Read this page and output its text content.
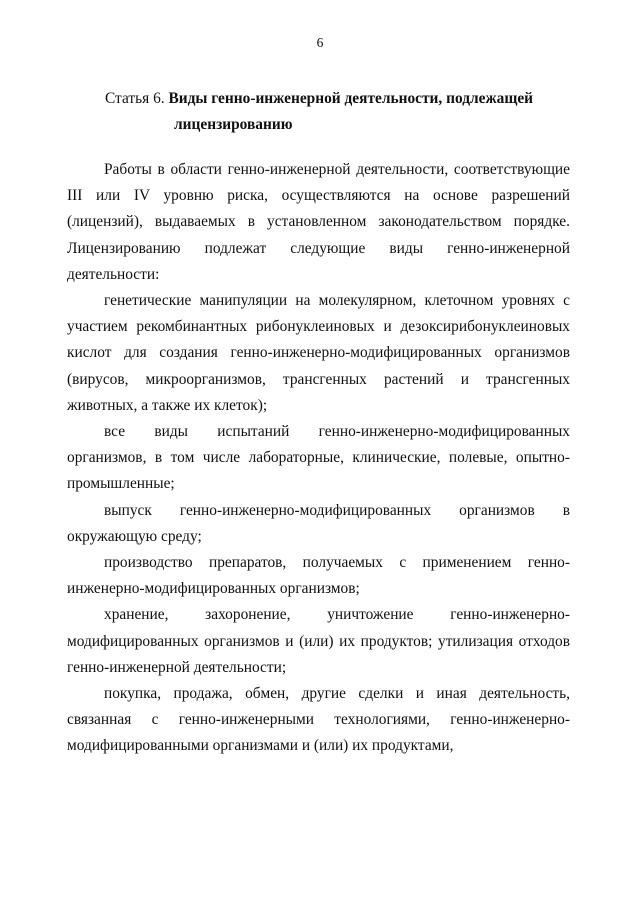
6
Статья 6. Виды генно-инженерной деятельности, подлежащей
лицензированию

Работы в области генно-инженерной деятельности, соответствующие III или IV уровню риска, осуществляются на основе разрешений (лицензий), выдаваемых в установленном законодательством порядке. Лицензированию подлежат следующие виды генно-инженерной деятельности:

генетические манипуляции на молекулярном, клеточном уровнях с участием рекомбинантных рибонуклеиновых и дезоксирибонуклеиновых кислот для создания генно-инженерно-модифицированных организмов (вирусов, микроорганизмов, трансгенных растений и трансгенных животных, а также их клеток);

все виды испытаний генно-инженерно-модифицированных организмов, в том числе лабораторные, клинические, полевые, опытно-промышленные;

выпуск генно-инженерно-модифицированных организмов в окружающую среду;

производство препаратов, получаемых с применением генно-инженерно-модифицированных организмов;

хранение, захоронение, уничтожение генно-инженерно-модифицированных организмов и (или) их продуктов; утилизация отходов генно-инженерной деятельности;

покупка, продажа, обмен, другие сделки и иная деятельность, связанная с генно-инженерными технологиями, генно-инженерно-модифицированными организмами и (или) их продуктами,
